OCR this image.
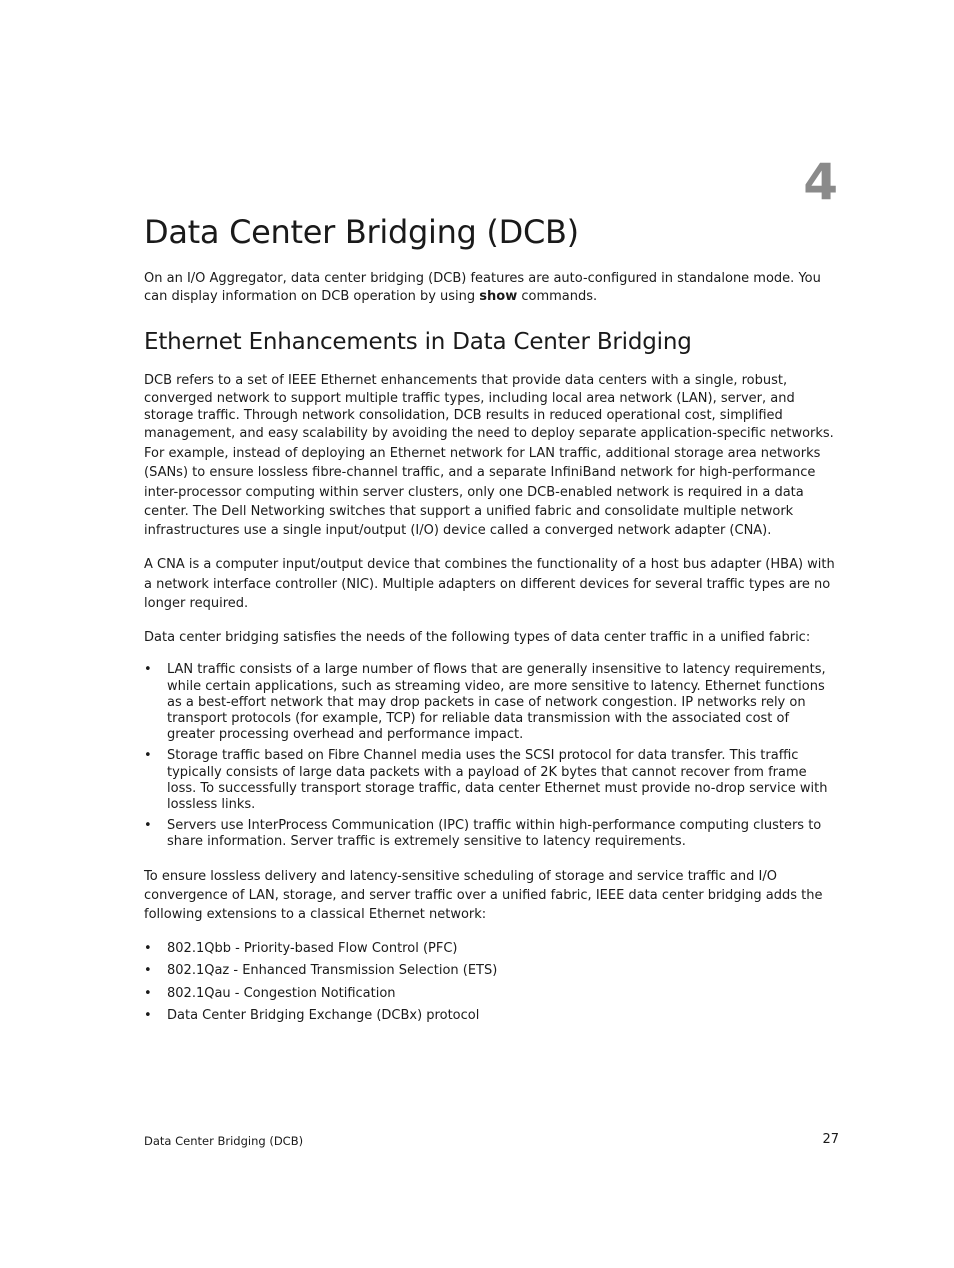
4
Data Center Bridging (DCB)

On an I/O Aggregator, data center bridging (DCB) features are auto-configured in standalone mode. You can display information on DCB operation by using show commands.

Ethernet Enhancements in Data Center Bridging

DCB refers to a set of IEEE Ethernet enhancements that provide data centers with a single, robust, converged network to support multiple traffic types, including local area network (LAN), server, and storage traffic. Through network consolidation, DCB results in reduced operational cost, simplified management, and easy scalability by avoiding the need to deploy separate application-specific networks.

For example, instead of deploying an Ethernet network for LAN traffic, additional storage area networks (SANs) to ensure lossless fibre-channel traffic, and a separate InfiniBand network for high-performance inter-processor computing within server clusters, only one DCB-enabled network is required in a data center. The Dell Networking switches that support a unified fabric and consolidate multiple network infrastructures use a single input/output (I/O) device called a converged network adapter (CNA).

A CNA is a computer input/output device that combines the functionality of a host bus adapter (HBA) with a network interface controller (NIC). Multiple adapters on different devices for several traffic types are no longer required.

Data center bridging satisfies the needs of the following types of data center traffic in a unified fabric:

• LAN traffic consists of a large number of flows that are generally insensitive to latency requirements, while certain applications, such as streaming video, are more sensitive to latency. Ethernet functions as a best-effort network that may drop packets in case of network congestion. IP networks rely on transport protocols (for example, TCP) for reliable data transmission with the associated cost of greater processing overhead and performance impact.
• Storage traffic based on Fibre Channel media uses the SCSI protocol for data transfer. This traffic typically consists of large data packets with a payload of 2K bytes that cannot recover from frame loss. To successfully transport storage traffic, data center Ethernet must provide no-drop service with lossless links.
• Servers use InterProcess Communication (IPC) traffic within high-performance computing clusters to share information. Server traffic is extremely sensitive to latency requirements.

To ensure lossless delivery and latency-sensitive scheduling of storage and service traffic and I/O convergence of LAN, storage, and server traffic over a unified fabric, IEEE data center bridging adds the following extensions to a classical Ethernet network:

• 802.1Qbb - Priority-based Flow Control (PFC)
• 802.1Qaz - Enhanced Transmission Selection (ETS)
• 802.1Qau - Congestion Notification
• Data Center Bridging Exchange (DCBx) protocol
Data Center Bridging (DCB)	27
